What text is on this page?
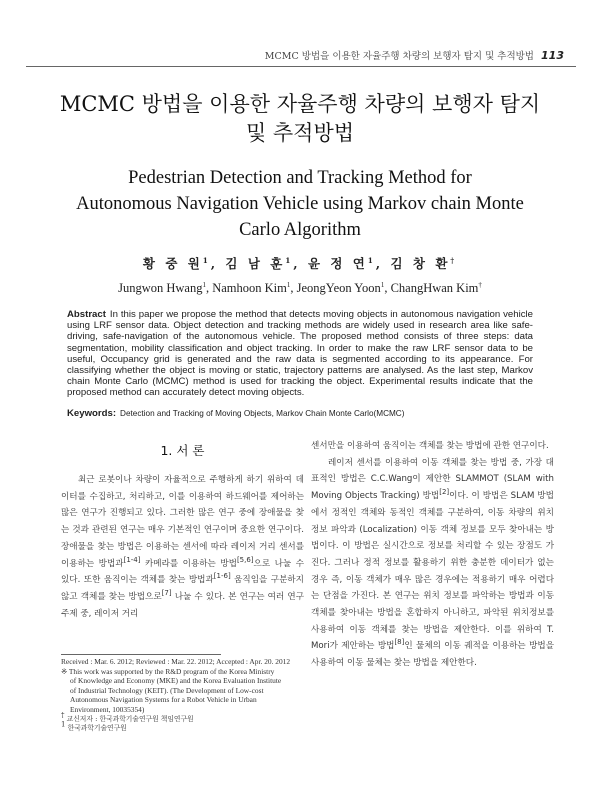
MCMC 방법을 이용한 자율주행 차량의 보행자 탐지 및 추적방법 113
MCMC 방법을 이용한 자율주행 차량의 보행자 탐지
및 추적방법
Pedestrian Detection and Tracking Method for
Autonomous Navigation Vehicle using Markov chain Monte
Carlo Algorithm
황 중 원$^1$, 김 남 훈$^1$, 윤 정 연$^1$, 김 창 환†
Jungwon Hwang$^1$, Namhoon Kim$^1$, JeongYeon Yoon$^1$, ChangHwan Kim†
Abstract In this paper we propose the method that detects moving objects in autonomous navigation vehicle using LRF sensor data. Object detection and tracking methods are widely used in research area like safe-driving, safe-navigation of the autonomous vehicle. The proposed method consists of three steps: data segmentation, mobility classification and object tracking. In order to make the raw LRF sensor data to be useful, Occupancy grid is generated and the raw data is segmented according to its appearance. For classifying whether the object is moving or static, trajectory patterns are analysed. As the last step, Markov chain Monte Carlo (MCMC) method is used for tracking the object. Experimental results indicate that the proposed method can accurately detect moving objects.
Keywords: Detection and Tracking of Moving Objects, Markov Chain Monte Carlo(MCMC)
1. 서 론

최근 로봇이나 차량이 자율적으로 주행하게 하기 위하여 데이터를 수집하고, 처리하고, 이를 이용하여 하드웨어를 제어하는 많은 연구가 진행되고 있다. 그러한 많은 연구 중에 장애물을 찾는 것과 관련된 연구는 매우 기본적인 연구이며 중요한 연구이다. 장애물을 찾는 방법은 이용하는 센서에 따라 레이저 거리 센서를 이용하는 방법과[1-4] 카메라를 이용하는 방법[5,6]으로 나눌 수 있다. 또한 움직이는 객체를 찾는 방법과[1-6] 움직임을 구분하지 않고 객체를 찾는 방법으로[7] 나눌 수 있다. 본 연구는 여러 연구 주제 중, 레이저 거리

센서만을 이용하여 움직이는 객체를 찾는 방법에 관한 연구이다.

레이저 센서를 이용하여 이동 객체를 찾는 방법 중, 가장 대표적인 방법은 C.C.Wang이 제안한 SLAMMOT (SLAM with Moving Objects Tracking) 방법[2]이다. 이 방법은 SLAM 방법에서 정적인 객체와 동적인 객체를 구분하여, 이동 차량의 위치 정보 파악과 (Localization) 이동 객체 정보를 모두 찾아내는 방법이다. 이 방법은 실시간으로 정보를 처리할 수 있는 장점도 가진다. 그러나 정적 정보를 활용하기 위한 충분한 데이터가 없는 경우 즉, 이동 객체가 매우 많은 경우에는 적용하기 매우 어렵다는 단점을 가진다. 본 연구는 위치 정보를 파악하는 방법과 이동 객체를 찾아내는 방법을 혼합하지 아니하고, 파악된 위치정보를 사용하여 이동 객체를 찾는 방법을 제안한다. 이를 위하여 T. Mori가 제안하는 방법[8]인 물체의 이동 궤적을 이용하는 방법을 사용하여 이동 물체는 찾는 방법을 제안한다.

Received : Mar. 6. 2012; Reviewed : Mar. 22. 2012; Accepted : Apr. 20. 2012

※ This work was supported by the R&D program of the Korea Ministry

of Knowledge and Economy (MKE) and the Korea Evaluation Institute

of Industrial Technology (KEIT). (The Development of Low-cost

Autonomous Navigation Systems for a Robot Vehicle in Urban

Environment, 10035354)

† 교신저자 : 한국과학기술연구원 책임연구원

$^1$ 한국과학기술연구원
